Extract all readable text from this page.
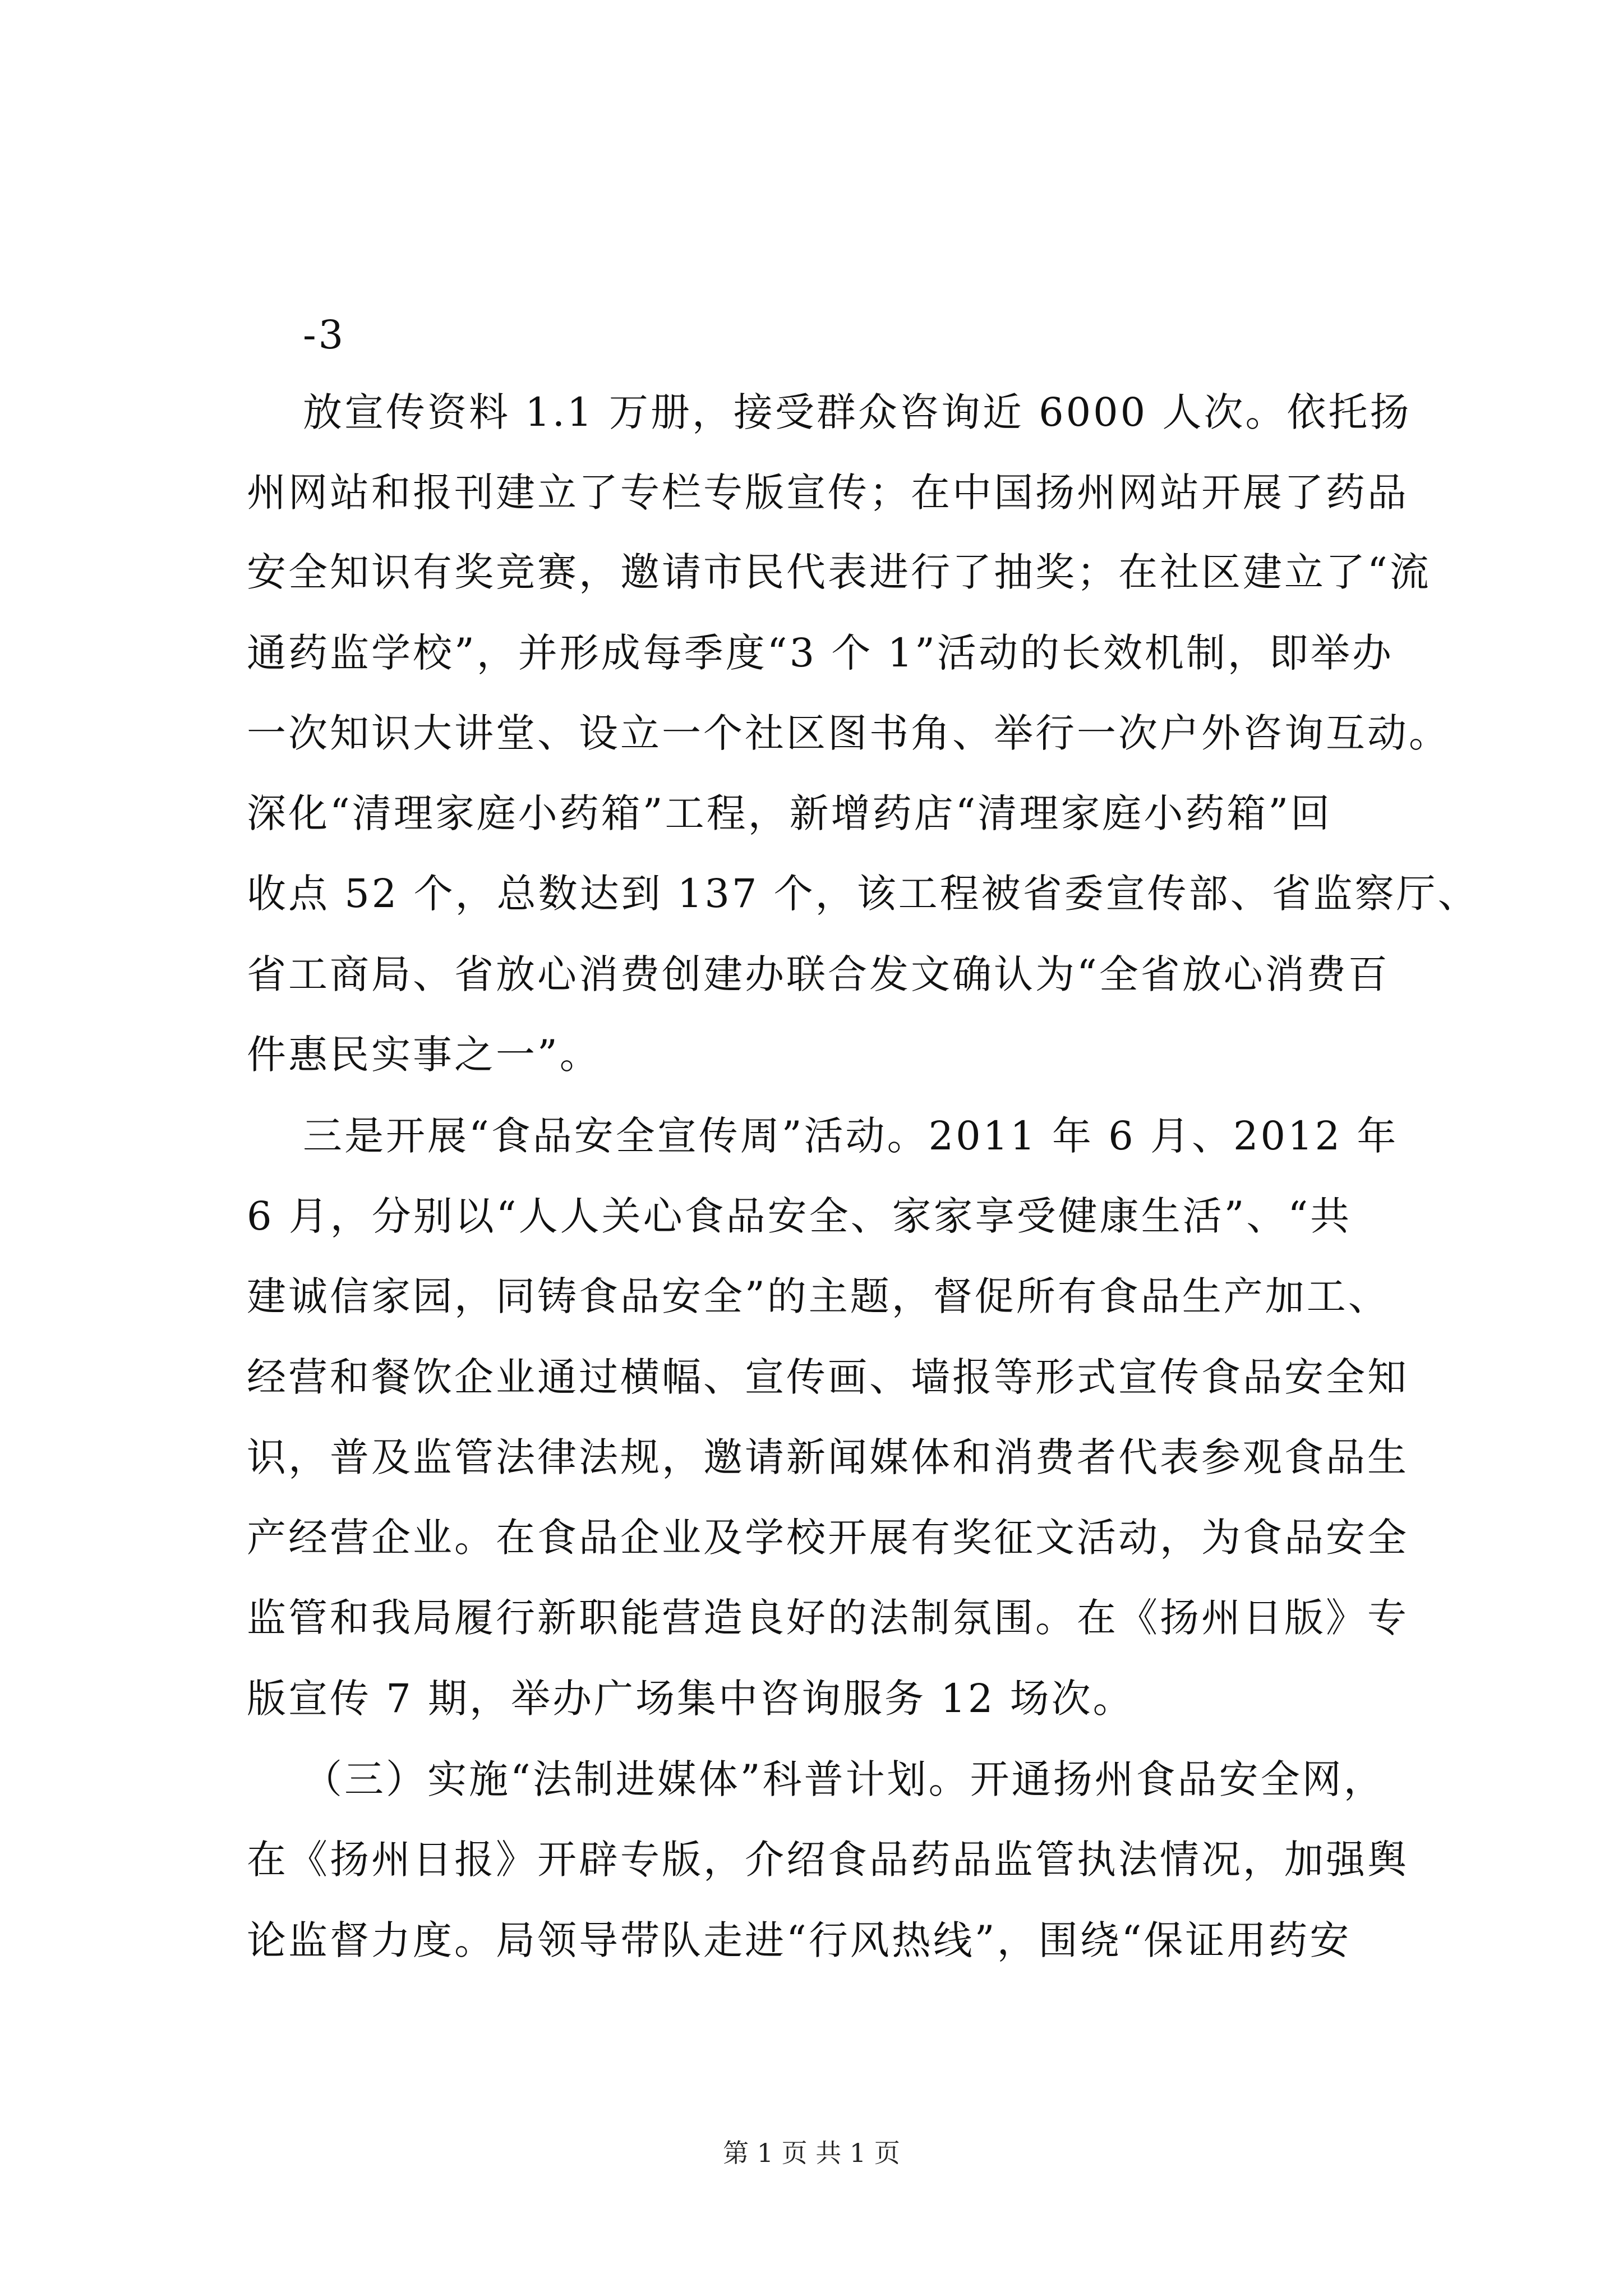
-3
放宣传资料 1.1 万册，接受群众咨询近 6000 人次。依托扬
州网站和报刊建立了专栏专版宣传；在中国扬州网站开展了药品
安全知识有奖竞赛，邀请市民代表进行了抽奖；在社区建立了“流
通药监学校”，并形成每季度“3 个 1”活动的长效机制，即举办
一次知识大讲堂、设立一个社区图书角、举行一次户外咨询互动。
深化“清理家庭小药箱”工程，新增药店“清理家庭小药箱”回
收点 52 个，总数达到 137 个，该工程被省委宣传部、省监察厅、
省工商局、省放心消费创建办联合发文确认为“全省放心消费百
件惠民实事之一”。
三是开展“食品安全宣传周”活动。2011 年 6 月、2012 年
6 月，分别以“人人关心食品安全、家家享受健康生活”、“共
建诚信家园，同铸食品安全”的主题，督促所有食品生产加工、
经营和餐饮企业通过横幅、宣传画、墙报等形式宣传食品安全知
识，普及监管法律法规，邀请新闻媒体和消费者代表参观食品生
产经营企业。在食品企业及学校开展有奖征文活动，为食品安全
监管和我局履行新职能营造良好的法制氛围。在《扬州日版》专
版宣传 7 期，举办广场集中咨询服务 12 场次。
（三）实施“法制进媒体”科普计划。开通扬州食品安全网，
在《扬州日报》开辟专版，介绍食品药品监管执法情况，加强舆
论监督力度。局领导带队走进“行风热线”，围绕“保证用药安
第 1 页 共 1 页
